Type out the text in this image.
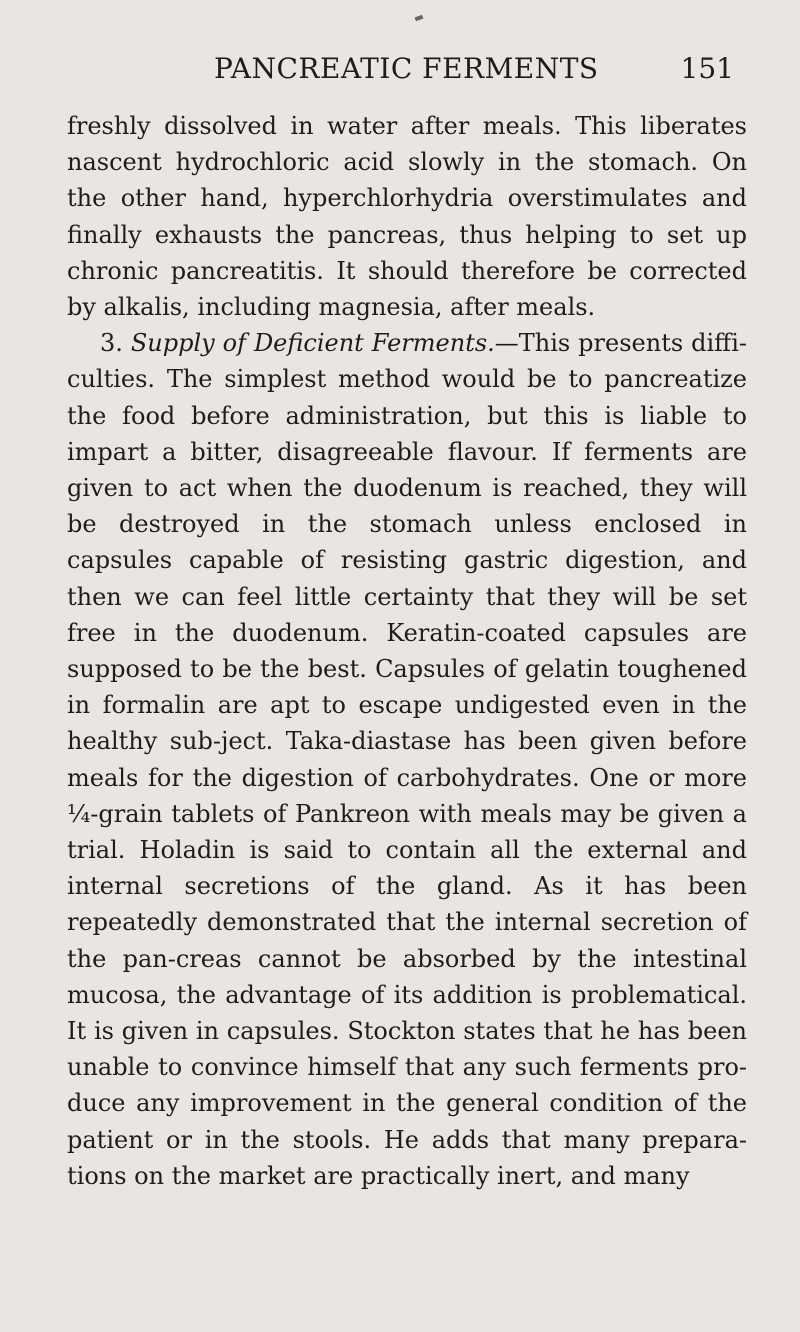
PANCREATIC FERMENTS	151

freshly dissolved in water after meals. This liberates nascent hydrochloric acid slowly in the stomach. On the other hand, hyperchlorhydria overstimulates and finally exhausts the pancreas, thus helping to set up chronic pancreatitis. It should therefore be corrected by alkalis, including magnesia, after meals.

3. Supply of Deficient Ferments.—This presents diffi-culties. The simplest method would be to pancreatize the food before administration, but this is liable to impart a bitter, disagreeable flavour. If ferments are given to act when the duodenum is reached, they will be destroyed in the stomach unless enclosed in capsules capable of resisting gastric digestion, and then we can feel little certainty that they will be set free in the duodenum. Keratin-coated capsules are supposed to be the best. Capsules of gelatin toughened in formalin are apt to escape undigested even in the healthy sub-ject. Taka-diastase has been given before meals for the digestion of carbohydrates. One or more ¼-grain tablets of Pankreon with meals may be given a trial. Holadin is said to contain all the external and internal secretions of the gland. As it has been repeatedly demonstrated that the internal secretion of the pan-creas cannot be absorbed by the intestinal mucosa, the advantage of its addition is problematical. It is given in capsules. Stockton states that he has been unable to convince himself that any such ferments pro-duce any improvement in the general condition of the patient or in the stools. He adds that many prepara-tions on the market are practically inert, and many
